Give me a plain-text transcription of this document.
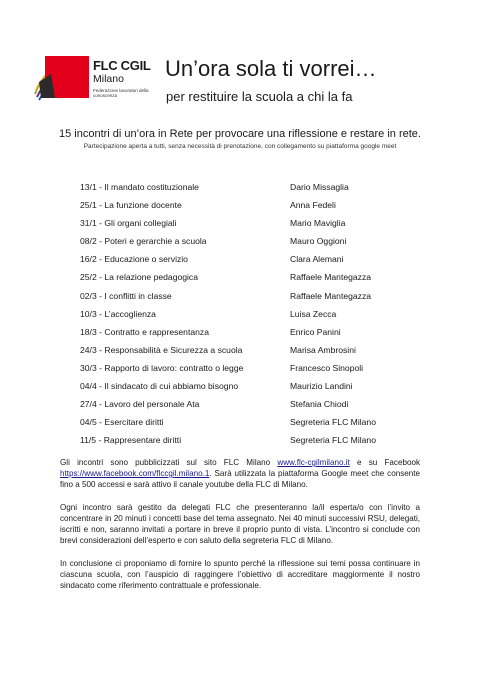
FLC CGIL
Milano
Federazione lavoratori della conoscenza
Un’ora sola ti vorrei…
per restituire la scuola a chi la fa
15 incontri di un’ora in Rete per provocare una riflessione e restare in rete.
Partecipazione aperta a tutti, senza necessità di prenotazione, con collegamento su piattaforma google meet
13/1 - Il mandato costituzionale	Dario Missaglia
25/1 - La funzione docente	Anna Fedeli
31/1 - Gli organi collegiali	Mario Maviglia
08/2 - Poteri e gerarchie a scuola	Mauro Oggioni
16/2 - Educazione o servizio	Clara Alemani
25/2 - La relazione pedagogica	Raffaele Mantegazza
02/3 - I conflitti in classe	Raffaele Mantegazza
10/3 - L’accoglienza	Luisa Zecca
18/3 - Contratto e rappresentanza	Enrico Panini
24/3 - Responsabilità e Sicurezza a scuola	Marisa Ambrosini
30/3 - Rapporto di lavoro: contratto o legge	Francesco Sinopoli
04/4 - Il sindacato di cui abbiamo bisogno	Maurizio Landini
27/4 - Lavoro del personale Ata	Stefania Chiodi
04/5 - Esercitare diritti	Segreteria FLC Milano
11/5 - Rappresentare diritti	Segreteria FLC Milano
Gli incontri sono pubblicizzati sul sito FLC Milano www.flc-cgilmilano.it e su Facebook https://www.facebook.com/flccgil.milano.1. Sarà utilizzata la piattaforma Google meet che consente fino a 500 accessi e sarà attivo il canale youtube della FLC di Milano.
Ogni incontro sarà gestito da delegati FLC che presenteranno la/il esperta/o con l’invito a concentrare in 20 minuti i concetti base del tema assegnato. Nei 40 minuti successivi RSU, delegati, iscritti e non, saranno invitati a portare in breve il proprio punto di vista. L’incontro si conclude con brevi considerazioni dell’esperto e con saluto della segreteria FLC di Milano.
In conclusione ci proponiamo di fornire lo spunto perché la riflessione sui temi possa continuare in ciascuna scuola, con l’auspicio di raggingere l’obiettivo di accreditare maggiormente il nostro sindacato come riferimento contrattuale e professionale.
